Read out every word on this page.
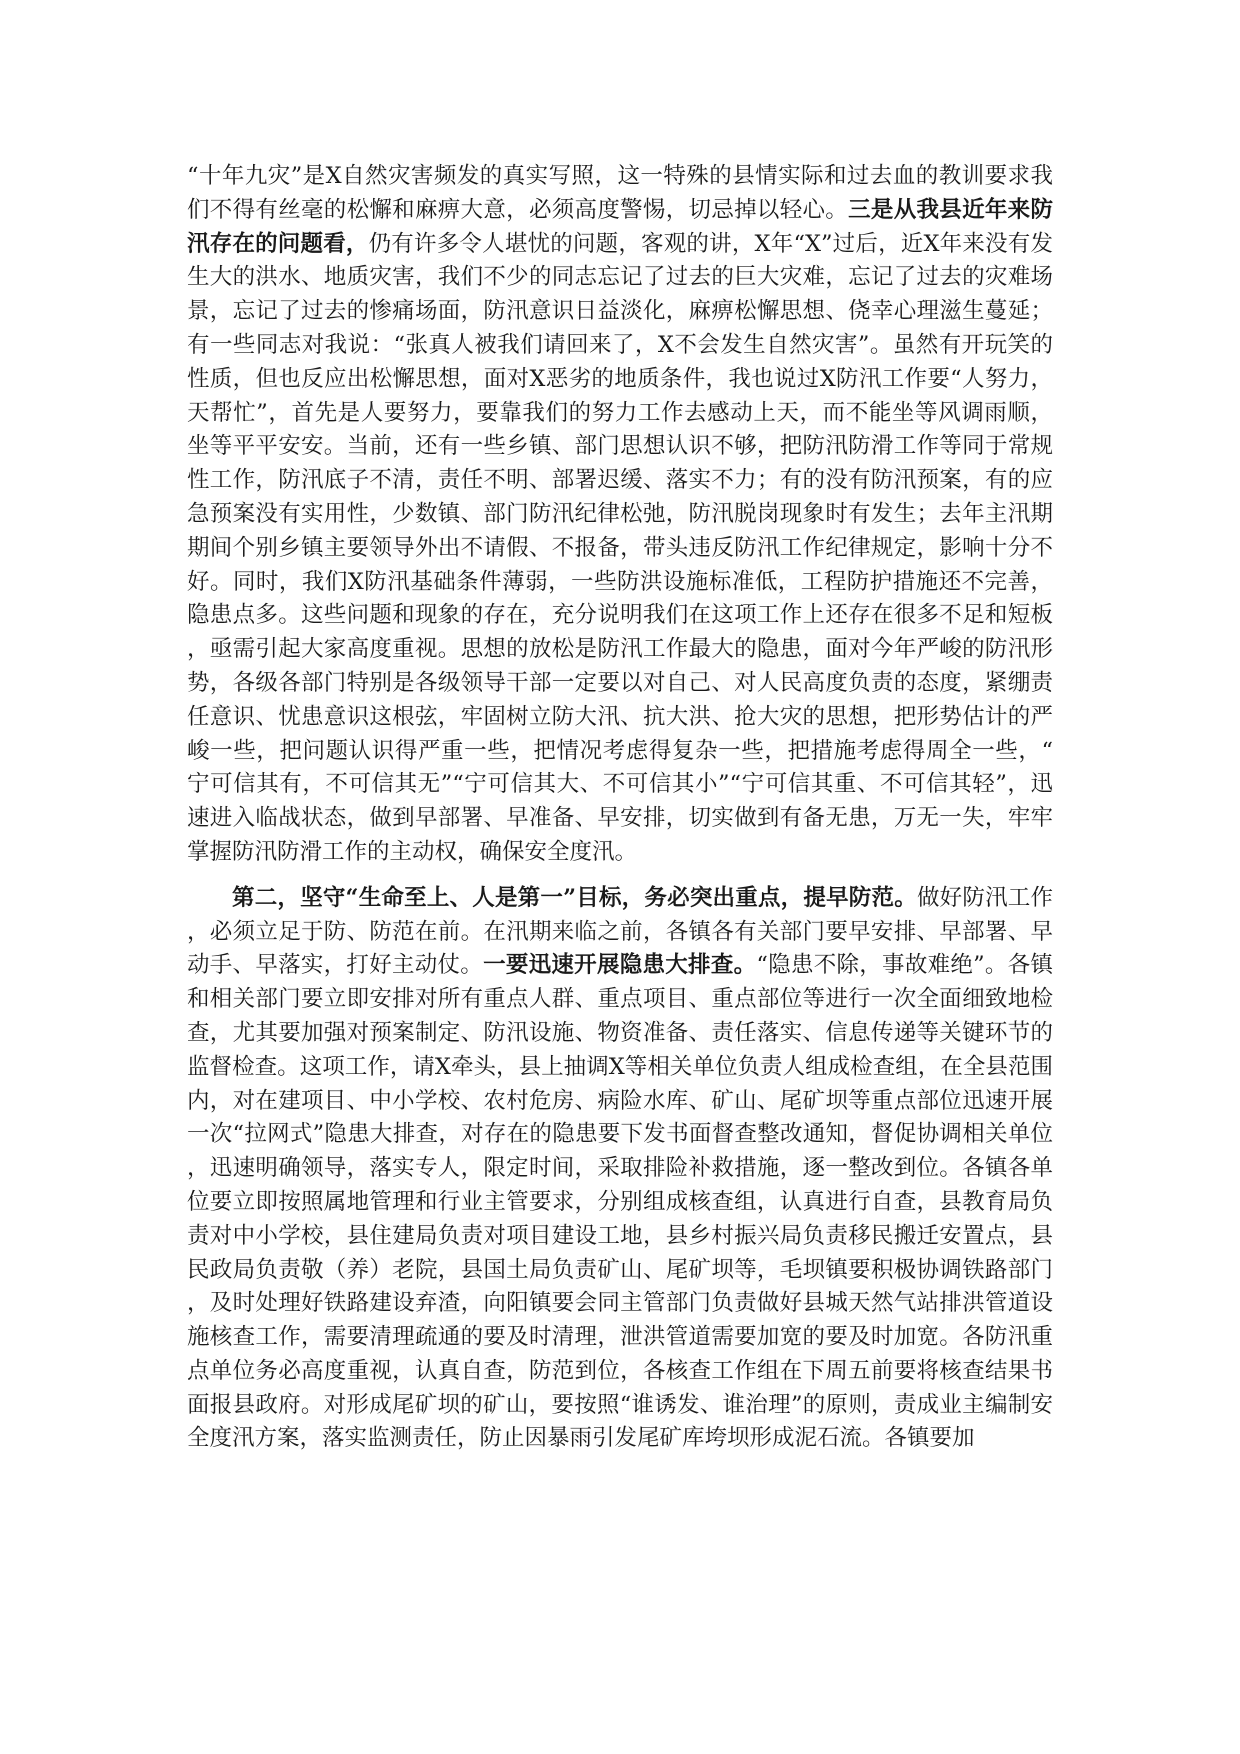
“十年九灾”是X自然灾害频发的真实写照，这一特殊的县情实际和过去血的教训要求我们不得有丝毫的松懈和麻痹大意，必须高度警惕，切忌掉以轻心。三是从我县近年来防汛存在的问题看，仍有许多令人堪忧的问题，客观的讲，X年“X”过后，近X年来没有发生大的洪水、地质灾害，我们不少的同志忘记了过去的巨大灾难，忘记了过去的灾难场景，忘记了过去的惨痛场面，防汛意识日益淡化，麻痹松懈思想、侥幸心理滋生蔓延；有一些同志对我说：“张真人被我们请回来了，X不会发生自然灾害”。虽然有开玩笑的性质，但也反应出松懈思想，面对X恶劣的地质条件，我也说过X防汛工作要“人努力，天帮忙”，首先是人要努力，要靠我们的努力工作去感动上天，而不能坐等风调雨顺，坐等平平安安。当前，还有一些乡镇、部门思想认识不够，把防汛防滑工作等同于常规性工作，防汛底子不清，责任不明、部署迟缓、落实不力；有的没有防汛预案，有的应急预案没有实用性，少数镇、部门防汛纪律松弛，防汛脱岗现象时有发生；去年主汛期期间个别乡镇主要领导外出不请假、不报备，带头违反防汛工作纪律规定，影响十分不好。同时，我们X防汛基础条件薄弱，一些防洪设施标准低，工程防护措施还不完善，隐患点多。这些问题和现象的存在，充分说明我们在这项工作上还存在很多不足和短板，亟需引起大家高度重视。思想的放松是防汛工作最大的隐患，面对今年严峻的防汛形势，各级各部门特别是各级领导干部一定要以对自己、对人民高度负责的态度，紧绷责任意识、忧患意识这根弦，牢固树立防大汛、抗大洪、抢大灾的思想，把形势估计的严峻一些，把问题认识得严重一些，把情况考虑得复杂一些，把措施考虑得周全一些，“宁可信其有，不可信其无”“宁可信其大、不可信其小”“宁可信其重、不可信其轻”，迅速进入临战状态，做到早部署、早准备、早安排，切实做到有备无患，万无一失，牢牢掌握防汛防滑工作的主动权，确保安全度汛。

第二，坚守“生命至上、人是第一”目标，务必突出重点，提早防范。做好防汛工作，必须立足于防、防范在前。在汛期来临之前，各镇各有关部门要早安排、早部署、早动手、早落实，打好主动仗。一要迅速开展隐患大排查。“隐患不除，事故难绝”。各镇和相关部门要立即安排对所有重点人群、重点项目、重点部位等进行一次全面细致地检查，尤其要加强对预案制定、防汛设施、物资准备、责任落实、信息传递等关键环节的监督检查。这项工作，请X牵头，县上抽调X等相关单位负责人组成检查组，在全县范围内，对在建项目、中小学校、农村危房、病险水库、矿山、尾矿坝等重点部位迅速开展一次“拉网式”隐患大排查，对存在的隐患要下发书面督查整改通知，督促协调相关单位，迅速明确领导，落实专人，限定时间，采取排险补救措施，逐一整改到位。各镇各单位要立即按照属地管理和行业主管要求，分别组成核查组，认真进行自查，县教育局负责对中小学校，县住建局负责对项目建设工地，县乡村振兴局负责移民搬迁安置点，县民政局负责敬（养）老院，县国土局负责矿山、尾矿坝等，毛坝镇要积极协调铁路部门，及时处理好铁路建设弃渣，向阳镇要会同主管部门负责做好县城天然气站排洪管道设施核查工作，需要清理疏通的要及时清理，泄洪管道需要加宽的要及时加宽。各防汛重点单位务必高度重视，认真自查，防范到位，各核查工作组在下周五前要将核查结果书面报县政府。对形成尾矿坝的矿山，要按照“谁诱发、谁治理”的原则，责成业主编制安全度汛方案，落实监测责任，防止因暴雨引发尾矿库垮坝形成泥石流。各镇要加
